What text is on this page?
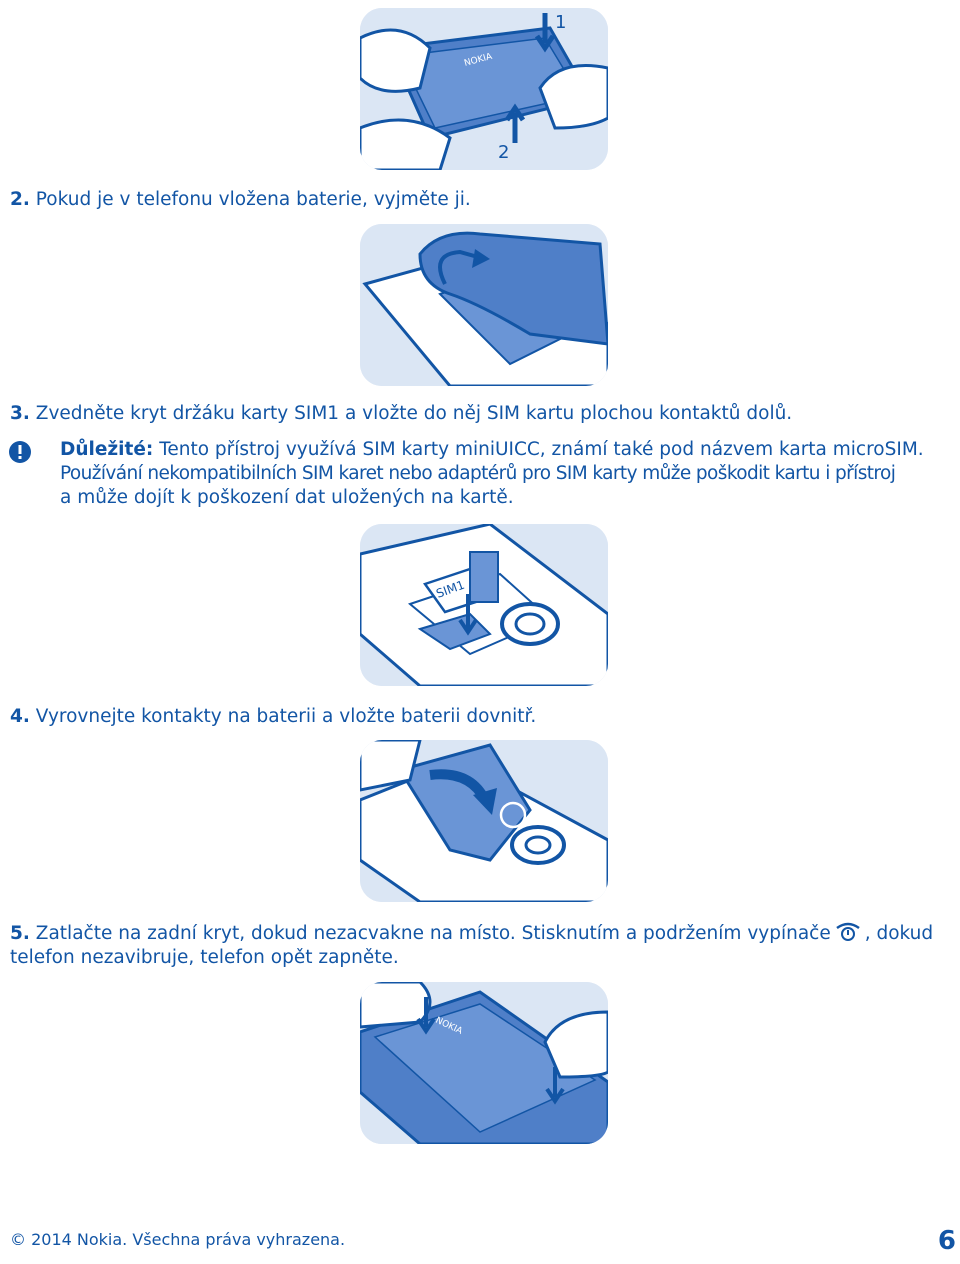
NOKIA
1
2

2. Pokud je v telefonu vložena baterie, vyjměte ji.

3. Zvedněte kryt držáku karty SIM1 a vložte do něj SIM kartu plochou kontaktů dolů.

Důležité: Tento přístroj využívá SIM karty miniUICC, známí také pod názvem karta microSIM.
Používání nekompatibilních SIM karet nebo adaptérů pro SIM karty může poškodit kartu i přístroj
a může dojít k poškození dat uložených na kartě.
SIM1

4. Vyrovnejte kontakty na baterii a vložte baterii dovnitř.

5. Zatlačte na zadní kryt, dokud nezacvakne na místo. Stisknutím a podržením vypínače , dokud

telefon nezavibruje, telefon opět zapněte.

NOKIA
© 2014 Nokia. Všechna práva vyhrazena.	6
